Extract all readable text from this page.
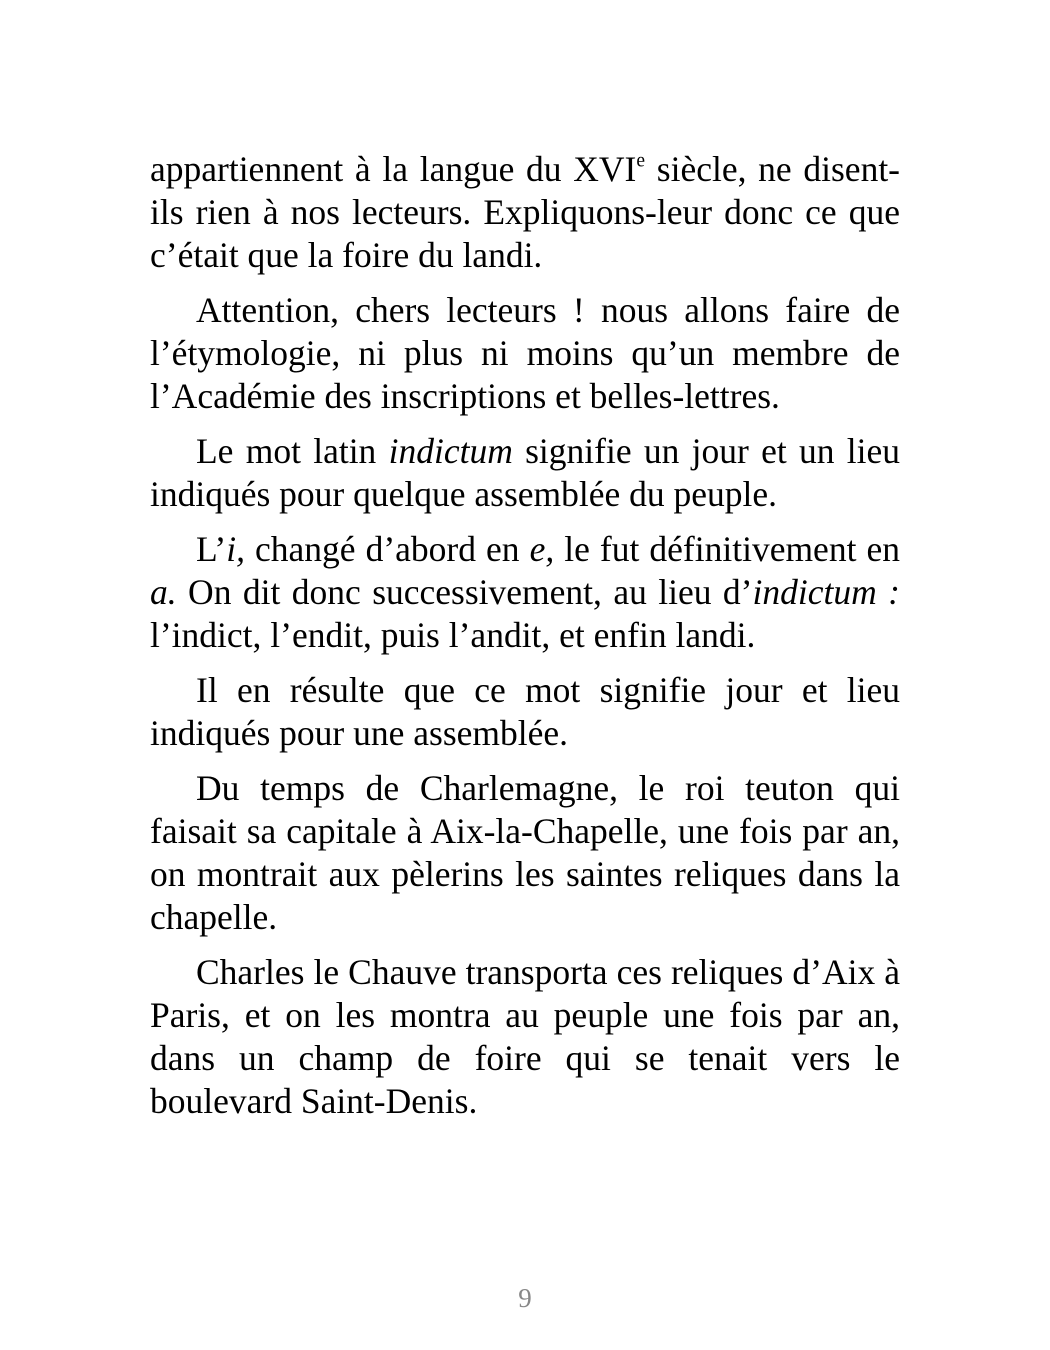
appartiennent à la langue du XVIe siècle, ne disent-ils rien à nos lecteurs. Expliquons-leur donc ce que c’était que la foire du landi.

Attention, chers lecteurs ! nous allons faire de l’étymologie, ni plus ni moins qu’un membre de l’Académie des inscriptions et belles-lettres.

Le mot latin indictum signifie un jour et un lieu indiqués pour quelque assemblée du peuple.

L’i, changé d’abord en e, le fut définitivement en a. On dit donc successivement, au lieu d’indictum : l’indict, l’endit, puis l’andit, et enfin landi.

Il en résulte que ce mot signifie jour et lieu indiqués pour une assemblée.

Du temps de Charlemagne, le roi teuton qui faisait sa capitale à Aix-la-Chapelle, une fois par an, on montrait aux pèlerins les saintes reliques dans la chapelle.

Charles le Chauve transporta ces reliques d’Aix à Paris, et on les montra au peuple une fois par an, dans un champ de foire qui se tenait vers le boulevard Saint-Denis.

9
